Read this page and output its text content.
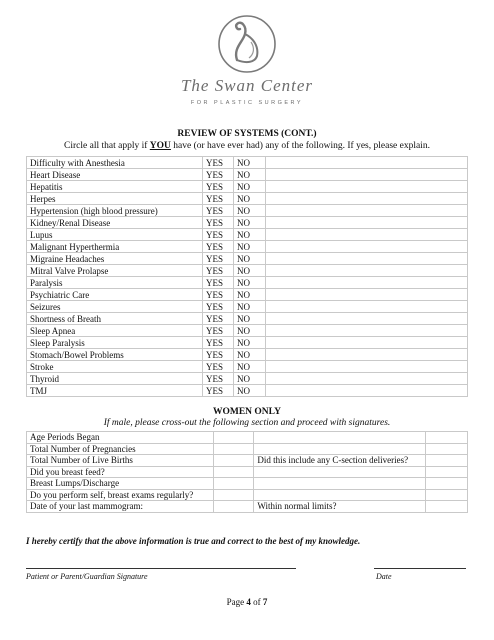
The Swan Center
FOR PLASTIC SURGERY
REVIEW OF SYSTEMS (CONT.)
Circle all that apply if YOU have (or have ever had) any of the following. If yes, please explain.
Difficulty with Anesthesia	YES	NO	
Heart Disease	YES	NO	
Hepatitis	YES	NO	
Herpes	YES	NO	
Hypertension (high blood pressure)	YES	NO	
Kidney/Renal Disease	YES	NO	
Lupus	YES	NO	
Malignant Hyperthermia	YES	NO	
Migraine Headaches	YES	NO	
Mitral Valve Prolapse	YES	NO	
Paralysis	YES	NO	
Psychiatric Care	YES	NO	
Seizures	YES	NO	
Shortness of Breath	YES	NO	
Sleep Apnea	YES	NO	
Sleep Paralysis	YES	NO	
Stomach/Bowel Problems	YES	NO	
Stroke	YES	NO	
Thyroid	YES	NO	
TMJ	YES	NO	
WOMEN ONLY
If male, please cross-out the following section and proceed with signatures.
Age Periods Began			
Total Number of Pregnancies			
Total Number of Live Births		Did this include any C-section deliveries?	
Did you breast feed?			
Breast Lumps/Discharge			
Do you perform self, breast exams regularly?			
Date of your last mammogram:		Within normal limits?	
I hereby certify that the above information is true and correct to the best of my knowledge.
Patient or Parent/Guardian Signature	Date
Page 4 of 7
